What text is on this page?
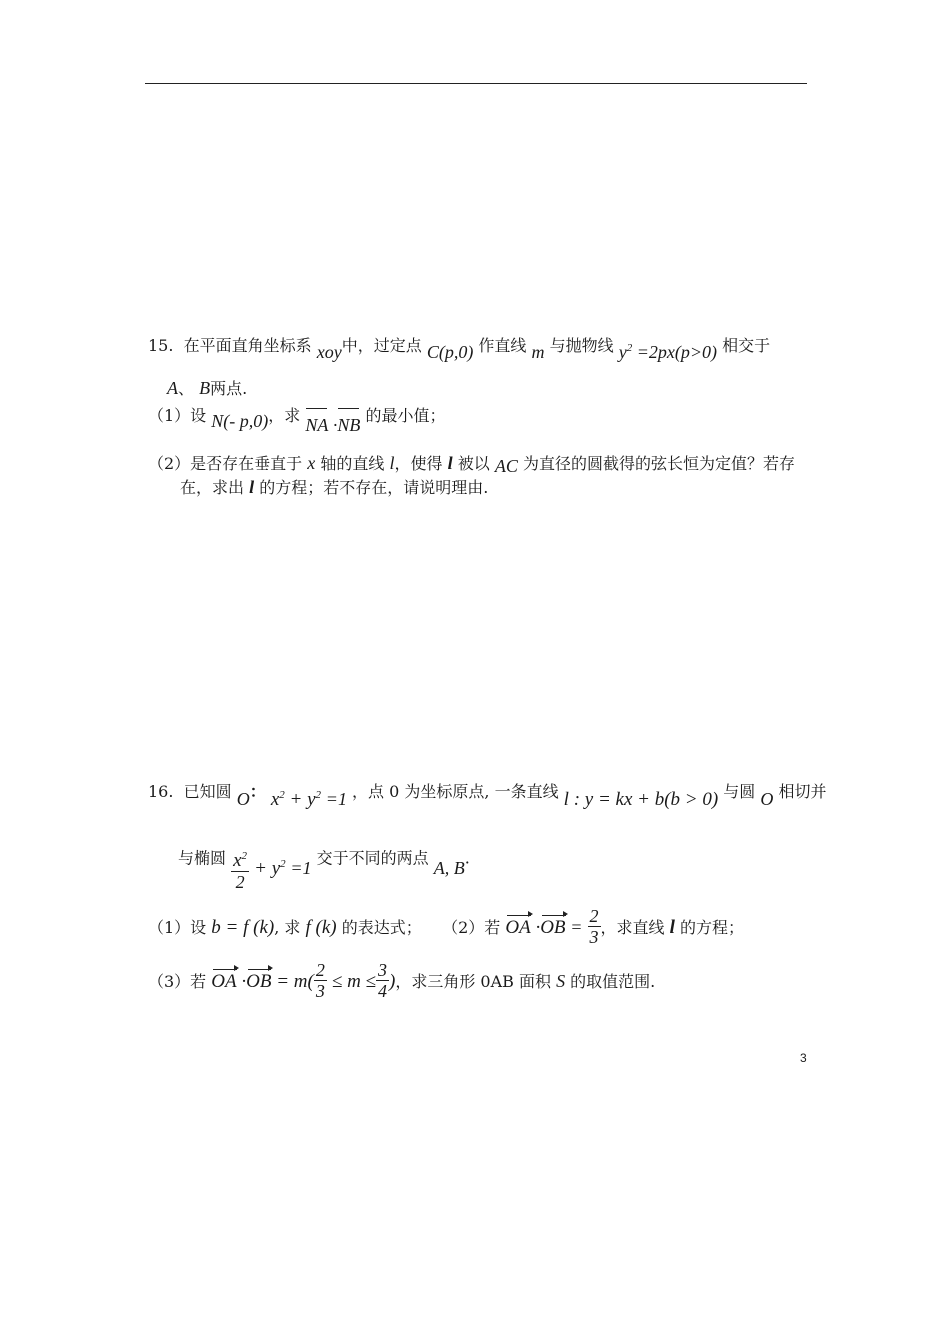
15. 在平面直角坐标系 xoy中，过定点 C(p,0) 作直线 m 与抛物线 $y^2 =2px(p>0)$ 相交于
A、 B两点.
（1）设 N(- p,0)，求 NA ·NB 的最小值；
（2）是否存在垂直于 x 轴的直线 l，使得 l 被以 AC 为直径的圆截得的弦长恒为定值？若存
在，求出 l 的方程；若不存在，请说明理由.
16. 已知圆 O： $x^2 + y^2 =1$ ，点 0 为坐标原点, 一条直线 l : y = kx + b(b > 0) 与圆 O 相切并
与椭圆 $\frac{x^2}{2} + y^2 =1$ 交于不同的两点 A, B.
（1）设 b = f (k), 求 f (k) 的表达式； （2）若 OA $\cdot OB = \frac{2}{3}$ ，求直线 l 的方程；
（3）若 OA $\cdot OB = m( \frac{2}{3} \le m \le \frac{3}{4}$ )，求三角形 0AB 面积 S 的取值范围.
3
